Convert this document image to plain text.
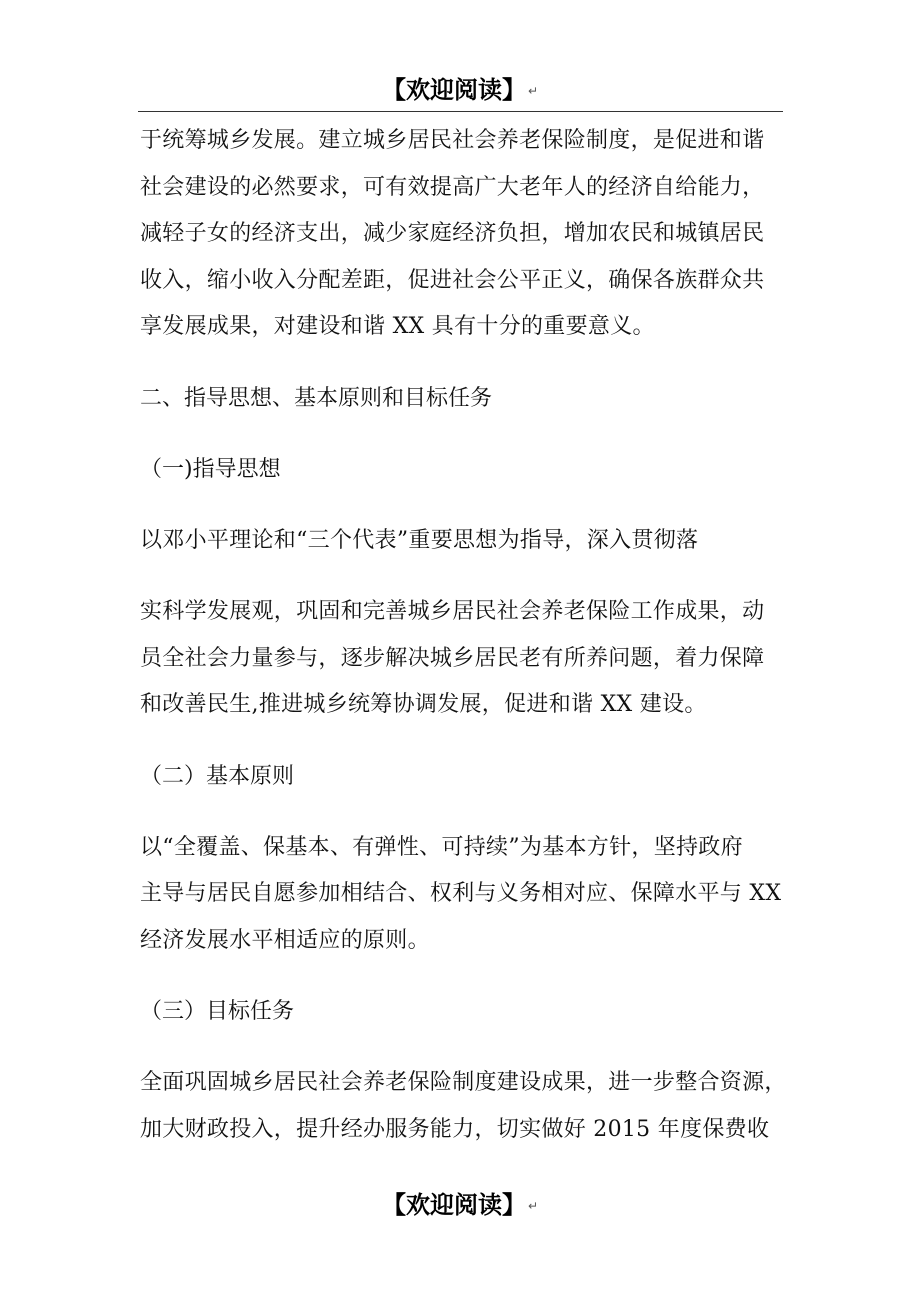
【欢迎阅读】 ↵
于统筹城乡发展。建立城乡居民社会养老保险制度，是促进和谐
社会建设的必然要求，可有效提高广大老年人的经济自给能力，
减轻子女的经济支出，减少家庭经济负担，增加农民和城镇居民
收入，缩小收入分配差距，促进社会公平正义，确保各族群众共
享发展成果，对建设和谐 XX 具有十分的重要意义。
二、指导思想、基本原则和目标任务
（一)指导思想
以邓小平理论和“三个代表”重要思想为指导，深入贯彻落
实科学发展观，巩固和完善城乡居民社会养老保险工作成果，动
员全社会力量参与，逐步解决城乡居民老有所养问题，着力保障
和改善民生,推进城乡统筹协调发展，促进和谐 XX 建设。
（二）基本原则
以“全覆盖、保基本、有弹性、可持续”为基本方针，坚持政府
主导与居民自愿参加相结合、权利与义务相对应、保障水平与 XX
经济发展水平相适应的原则。
（三）目标任务
全面巩固城乡居民社会养老保险制度建设成果，进一步整合资源，
加大财政投入，提升经办服务能力，切实做好 2015 年度保费收
【欢迎阅读】 ↵
